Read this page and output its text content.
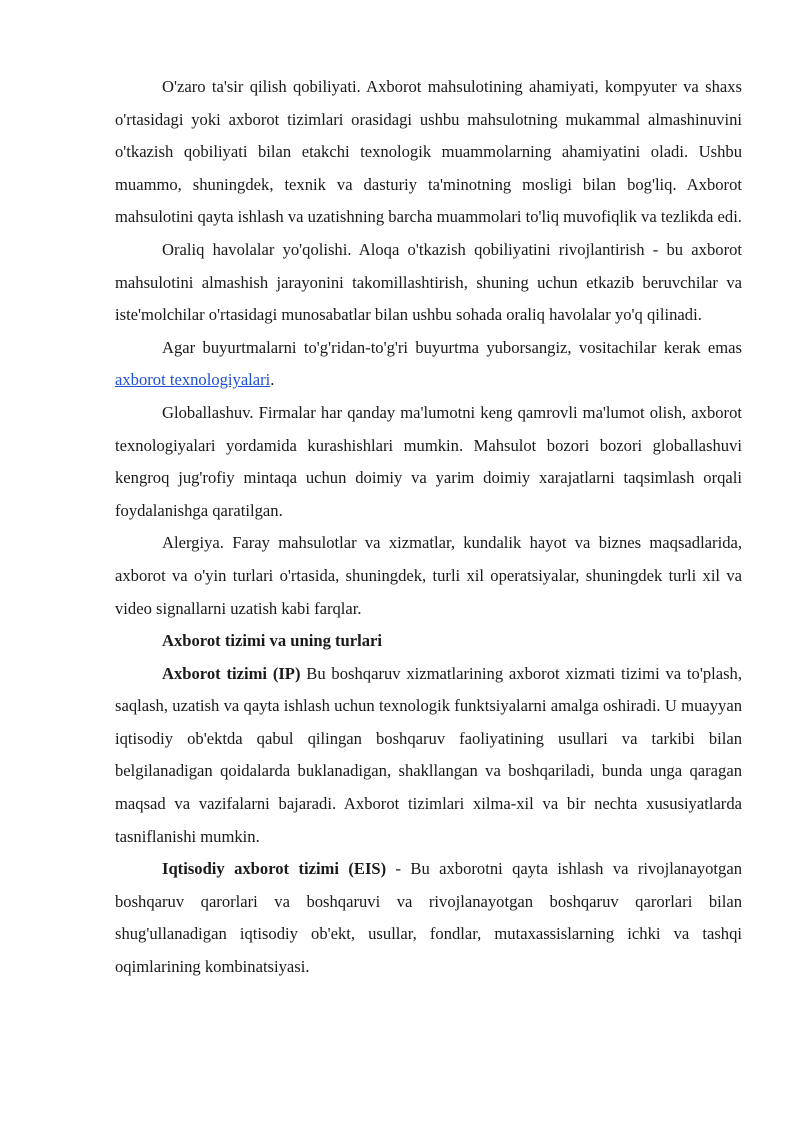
O'zaro ta'sir qilish qobiliyati. Axborot mahsulotining ahamiyati, kompyuter va shaxs o'rtasidagi yoki axborot tizimlari orasidagi ushbu mahsulotning mukammal almashinuvini o'tkazish qobiliyati bilan etakchi texnologik muammolarning ahamiyatini oladi. Ushbu muammo, shuningdek, texnik va dasturiy ta'minotning mosligi bilan bog'liq. Axborot mahsulotini qayta ishlash va uzatishning barcha muammolari to'liq muvofiqlik va tezlikda edi.

Oraliq havolalar yo'qolishi. Aloqa o'tkazish qobiliyatini rivojlantirish - bu axborot mahsulotini almashish jarayonini takomillashtirish, shuning uchun etkazib beruvchilar va iste'molchilar o'rtasidagi munosabatlar bilan ushbu sohada oraliq havolalar yo'q qilinadi.

Agar buyurtmalarni to'g'ridan-to'g'ri buyurtma yuborsangiz, vositachilar kerak emas axborot texnologiyalari.

Globallashuv. Firmalar har qanday ma'lumotni keng qamrovli ma'lumot olish, axborot texnologiyalari yordamida kurashishlari mumkin. Mahsulot bozori bozori globallashuvi kengroq jug'rofiy mintaqa uchun doimiy va yarim doimiy xarajatlarni taqsimlash orqali foydalanishga qaratilgan.

Alergiya. Faray mahsulotlar va xizmatlar, kundalik hayot va biznes maqsadlarida, axborot va o'yin turlari o'rtasida, shuningdek, turli xil operatsiyalar, shuningdek turli xil va video signallarni uzatish kabi farqlar.

Axborot tizimi va uning turlari

Axborot tizimi (IP) Bu boshqaruv xizmatlarining axborot xizmati tizimi va to'plash, saqlash, uzatish va qayta ishlash uchun texnologik funktsiyalarni amalga oshiradi. U muayyan iqtisodiy ob'ektda qabul qilingan boshqaruv faoliyatining usullari va tarkibi bilan belgilanadigan qoidalarda buklanadigan, shakllangan va boshqariladi, bunda unga qaragan maqsad va vazifalarni bajaradi. Axborot tizimlari xilma-xil va bir nechta xususiyatlarda tasniflanishi mumkin.

Iqtisodiy axborot tizimi (EIS) - Bu axborotni qayta ishlash va rivojlanayotgan boshqaruv qarorlari va boshqaruvi va rivojlanayotgan boshqaruv qarorlari bilan shug'ullanadigan iqtisodiy ob'ekt, usullar, fondlar, mutaxassislarning ichki va tashqi oqimlarining kombinatsiyasi.
